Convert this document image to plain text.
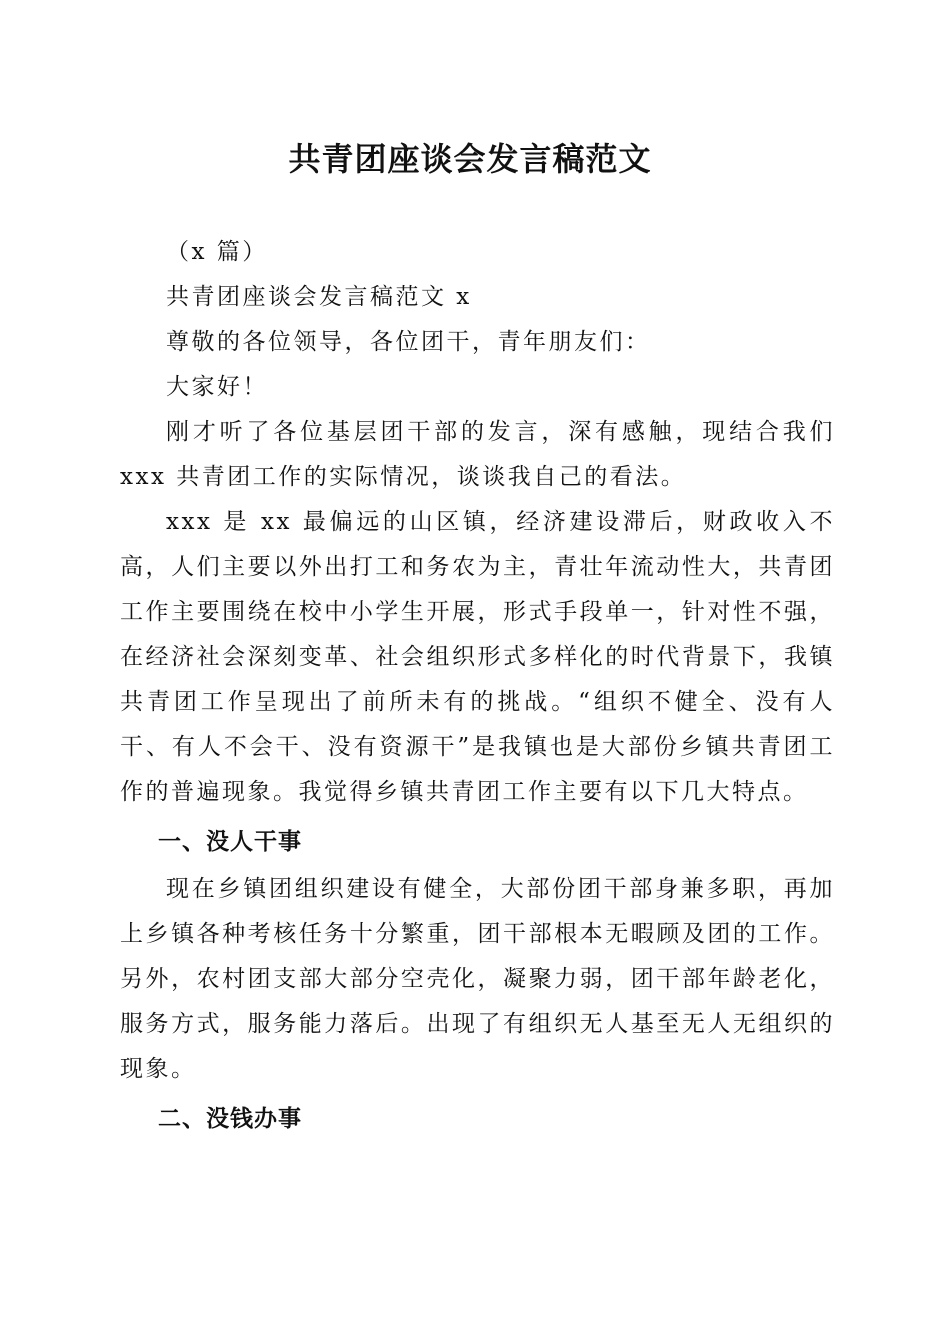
共青团座谈会发言稿范文

（x 篇）

共青团座谈会发言稿范文 x

尊敬的各位领导，各位团干，青年朋友们：

大家好！

刚才听了各位基层团干部的发言，深有感触，现结合我们 xxx 共青团工作的实际情况，谈谈我自己的看法。

xxx 是 xx 最偏远的山区镇，经济建设滞后，财政收入不高，人们主要以外出打工和务农为主，青壮年流动性大，共青团工作主要围绕在校中小学生开展，形式手段单一，针对性不强，在经济社会深刻变革、社会组织形式多样化的时代背景下，我镇共青团工作呈现出了前所未有的挑战。“组织不健全、没有人干、有人不会干、没有资源干”是我镇也是大部份乡镇共青团工作的普遍现象。我觉得乡镇共青团工作主要有以下几大特点。

一、没人干事

现在乡镇团组织建设有健全，大部份团干部身兼多职，再加上乡镇各种考核任务十分繁重，团干部根本无暇顾及团的工作。另外，农村团支部大部分空壳化，凝聚力弱，团干部年龄老化，服务方式，服务能力落后。出现了有组织无人基至无人无组织的现象。

二、没钱办事
